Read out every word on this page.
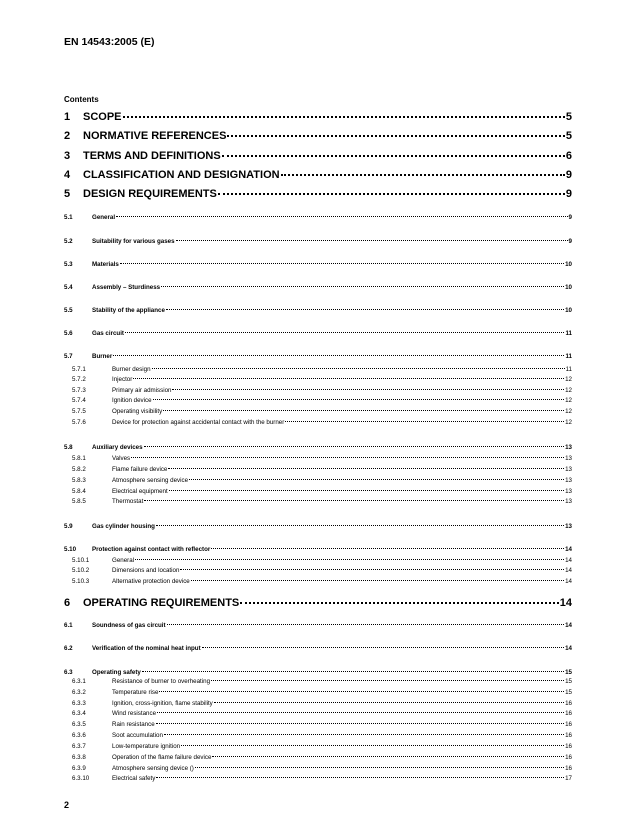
EN 14543:2005 (E)
Contents
1	SCOPE	5
2	NORMATIVE REFERENCES	5
3	TERMS AND DEFINITIONS	6
4	CLASSIFICATION AND DESIGNATION	9
5	DESIGN REQUIREMENTS	9
5.1	General	9
5.2	Suitability for various gases	9
5.3	Materials	10
5.4	Assembly – Sturdiness	10
5.5	Stability of the appliance	10
5.6	Gas circuit	11
5.7	Burner	11
5.7.1	Burner design	11
5.7.2	Injector	12
5.7.3	Primary air admission	12
5.7.4	Ignition device	12
5.7.5	Operating visibility	12
5.7.6	Device for protection against accidental contact with the burner	12
5.8	Auxiliary devices	13
5.8.1	Valves	13
5.8.2	Flame failure device	13
5.8.3	Atmosphere sensing device	13
5.8.4	Electrical equipment	13
5.8.5	Thermostat	13
5.9	Gas cylinder housing	13
5.10	Protection against contact with reflector	14
5.10.1	General	14
5.10.2	Dimensions and location	14
5.10.3	Alternative protection device	14
6	OPERATING REQUIREMENTS	14
6.1	Soundness of gas circuit	14
6.2	Verification of the nominal heat input	14
6.3	Operating safety	15
6.3.1	Resistance of burner to overheating	15
6.3.2	Temperature rise	15
6.3.3	Ignition, cross-ignition, flame stability	16
6.3.4	Wind resistance	16
6.3.5	Rain resistance	16
6.3.6	Soot accumulation	16
6.3.7	Low-temperature ignition	16
6.3.8	Operation of the flame failure device	16
6.3.9	Atmosphere sensing device ()	16
6.3.10	Electrical safety	17
2
